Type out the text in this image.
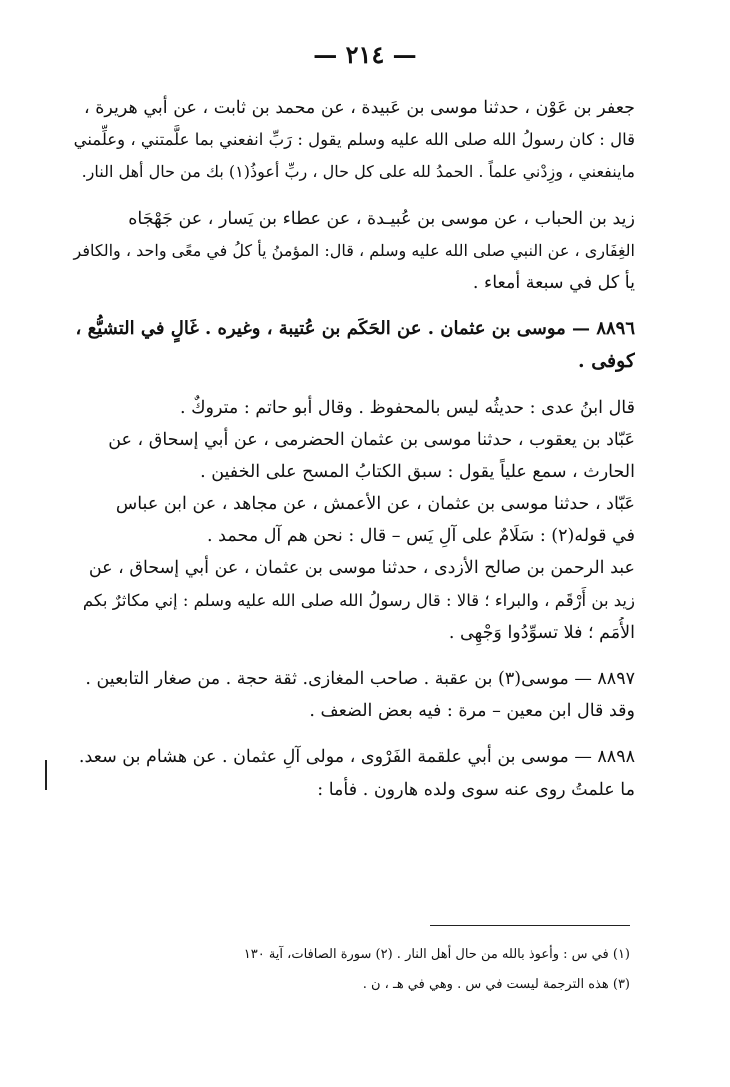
— ٢١٤ —
جعفر بن عَوْن ، حدثنا موسى بن عَبيدة ، عن محمد بن ثابت ، عن أبي هريرة ،
قال : كان رسولُ الله صلى الله عليه وسلم يقول : رَبِّ انفعني بما علَّمتني ، وعلِّمني
ماينفعني ، وزِدْني علماً . الحمدُ لله على كل حال ، ربِّ أعوذُ(١) بك من حال أهل النار.
زيد بن الحباب ، عن موسى بن عُبيـدة ، عن عطاء بن يَسار ، عن جَهْجَاه
الغِفَارى ، عن النبي صلى الله عليه وسلم ، قال: المؤمنُ يأ كلُ في معًى واحد ، والكافر
يأ كل في سبعة أمعاء .
٨٨٩٦ — موسى بن عثمان . عن الحَكَم بن عُتيبة ، وغيره . غَالٍ في التشيُّع ،
كوفى .
قال ابنُ عدى : حديثُه ليس بالمحفوظ . وقال أبو حاتم : متروكٌ .
عَبّاد بن يعقوب ، حدثنا موسى بن عثمان الحضرمى ، عن أبي إسحاق ، عن
الحارث ، سمع علياً يقول : سبق الكتابُ المسح على الخفين .
عَبّاد ، حدثنا موسى بن عثمان ، عن الأعمش ، عن مجاهد ، عن ابن عباس
في قوله(٢) : سَلَامٌ على آلِ يَس – قال : نحن هم آل محمد .
عبد الرحمن بن صالح الأزدى ، حدثنا موسى بن عثمان ، عن أبي إسحاق ، عن
زيد بن أَرْقَم ، والبراء ؛ قالا : قال رسولُ الله صلى الله عليه وسلم : إني مكاثرٌ بكم
الأُمَم ؛ فلا تسوِّدُوا وَجْهِى .
٨٨٩٧ — موسى(٣) بن عقبة . صاحب المغازى. ثقة حجة . من صغار التابعين .
وقد قال ابن معين – مرة : فيه بعض الضعف .
٨٨٩٨ — موسى بن أبي علقمة الفَرْوى ، مولى آلِ عثمان . عن هشام بن سعد.
ما علمتُ روى عنه سوى ولده هارون . فأما :
(١) في س : وأعوذ بالله من حال أهل النار . (٢) سورة الصافات، آية ١٣٠
(٣) هذه الترجمة ليست في س . وهي في هـ ، ن .
